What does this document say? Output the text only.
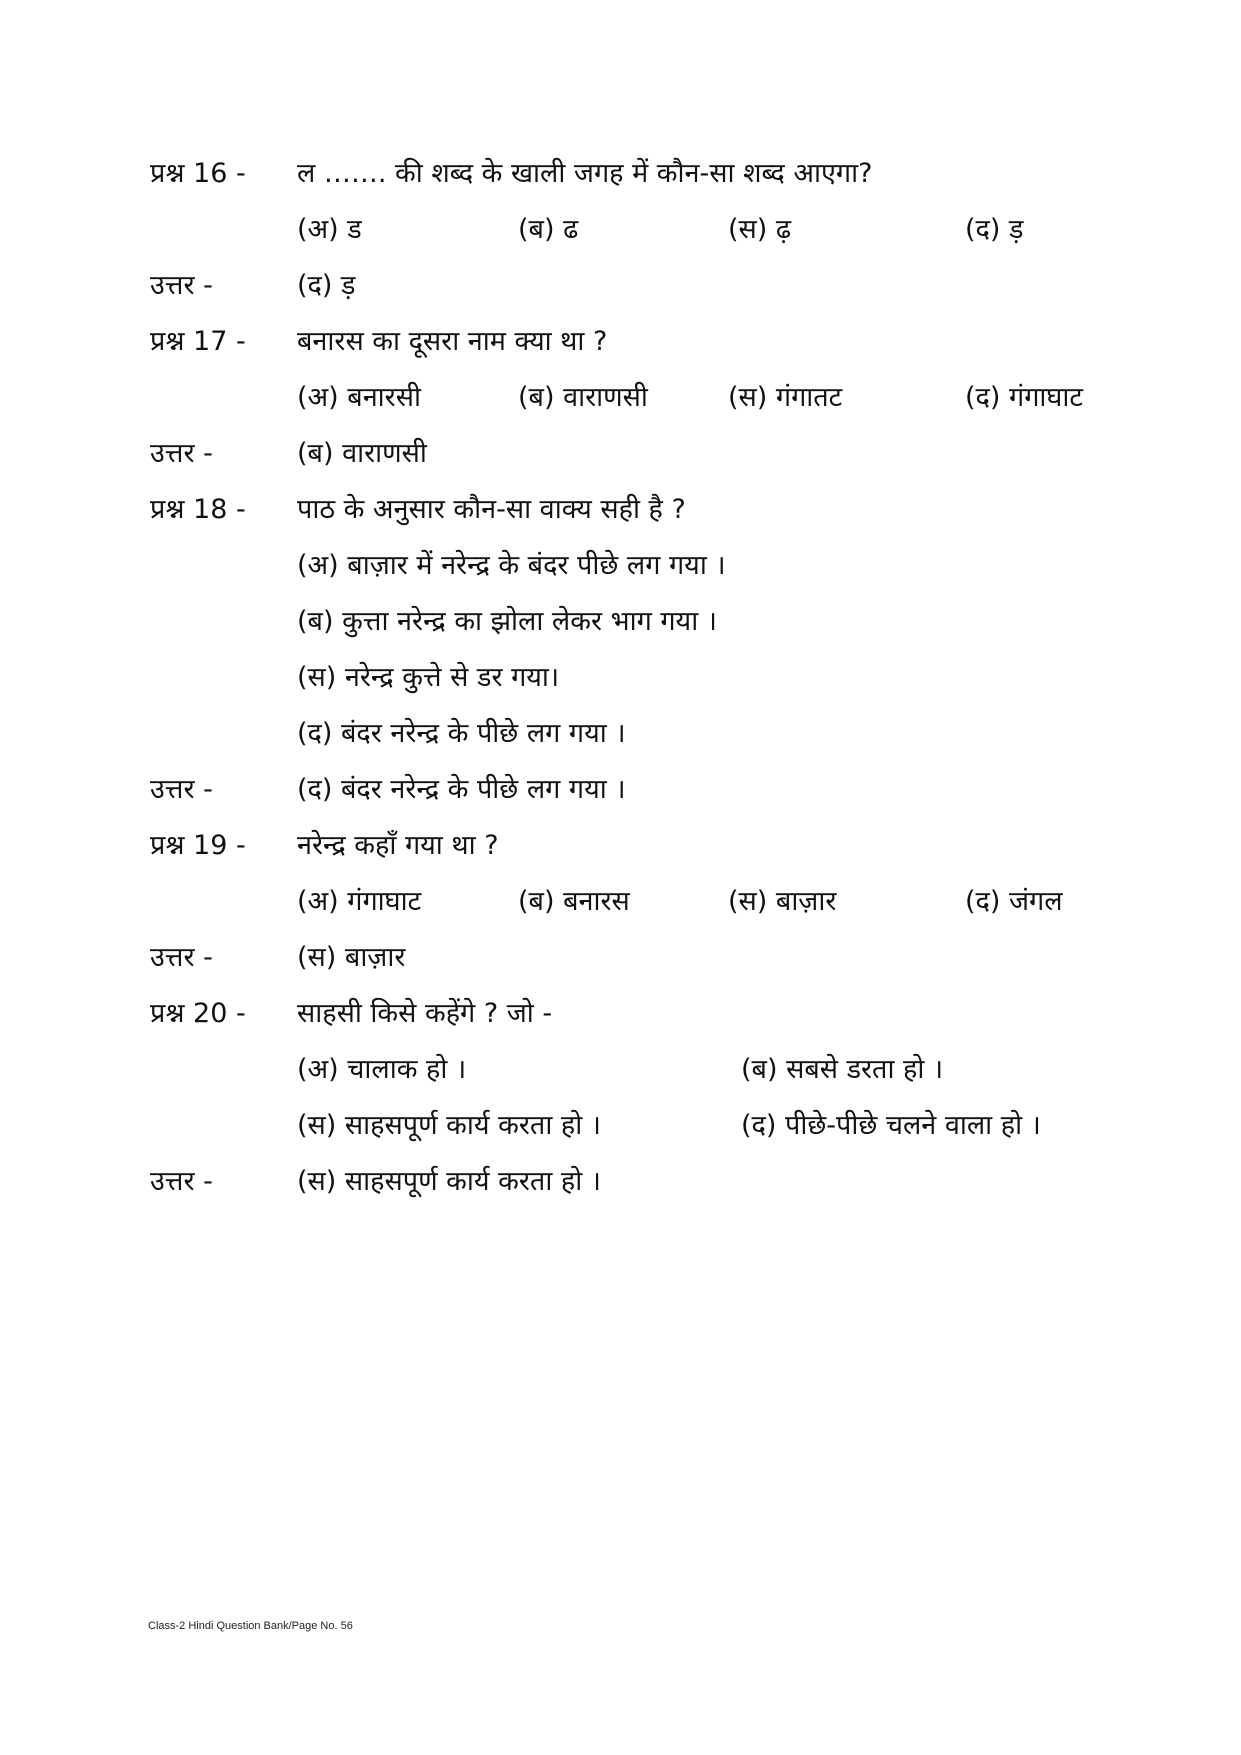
प्रश्न 16 - ल ……. की शब्द के खाली जगह में कौन-सा शब्द आएगा?
(अ) ड	(ब) ढ	(स) ढ़	(द) ड़
उत्तर -	(द) ड़
प्रश्न 17 - बनारस का दूसरा नाम क्या था ?
(अ) बनारसी	(ब) वाराणसी	(स) गंगातट	(द) गंगाघाट
उत्तर -	(ब) वाराणसी
प्रश्न 18 - पाठ के अनुसार कौन-सा वाक्य सही है ?
(अ) बाज़ार में नरेन्द्र के बंदर पीछे लग गया ।
(ब) कुत्ता नरेन्द्र का झोला लेकर भाग गया ।
(स) नरेन्द्र कुत्ते से डर गया।
(द) बंदर नरेन्द्र के पीछे लग गया ।
उत्तर -	(द) बंदर नरेन्द्र के पीछे लग गया ।
प्रश्न 19 - नरेन्द्र कहाँ गया था ?
(अ) गंगाघाट	(ब) बनारस	(स) बाज़ार	(द) जंगल
उत्तर -	(स) बाज़ार
प्रश्न 20 - साहसी किसे कहेंगे ? जो -
(अ) चालाक हो ।	(ब) सबसे डरता हो ।
(स) साहसपूर्ण कार्य करता हो ।	(द) पीछे-पीछे चलने वाला हो ।
उत्तर -	(स) साहसपूर्ण कार्य करता हो ।
Class-2 Hindi Question Bank/Page No. 56
